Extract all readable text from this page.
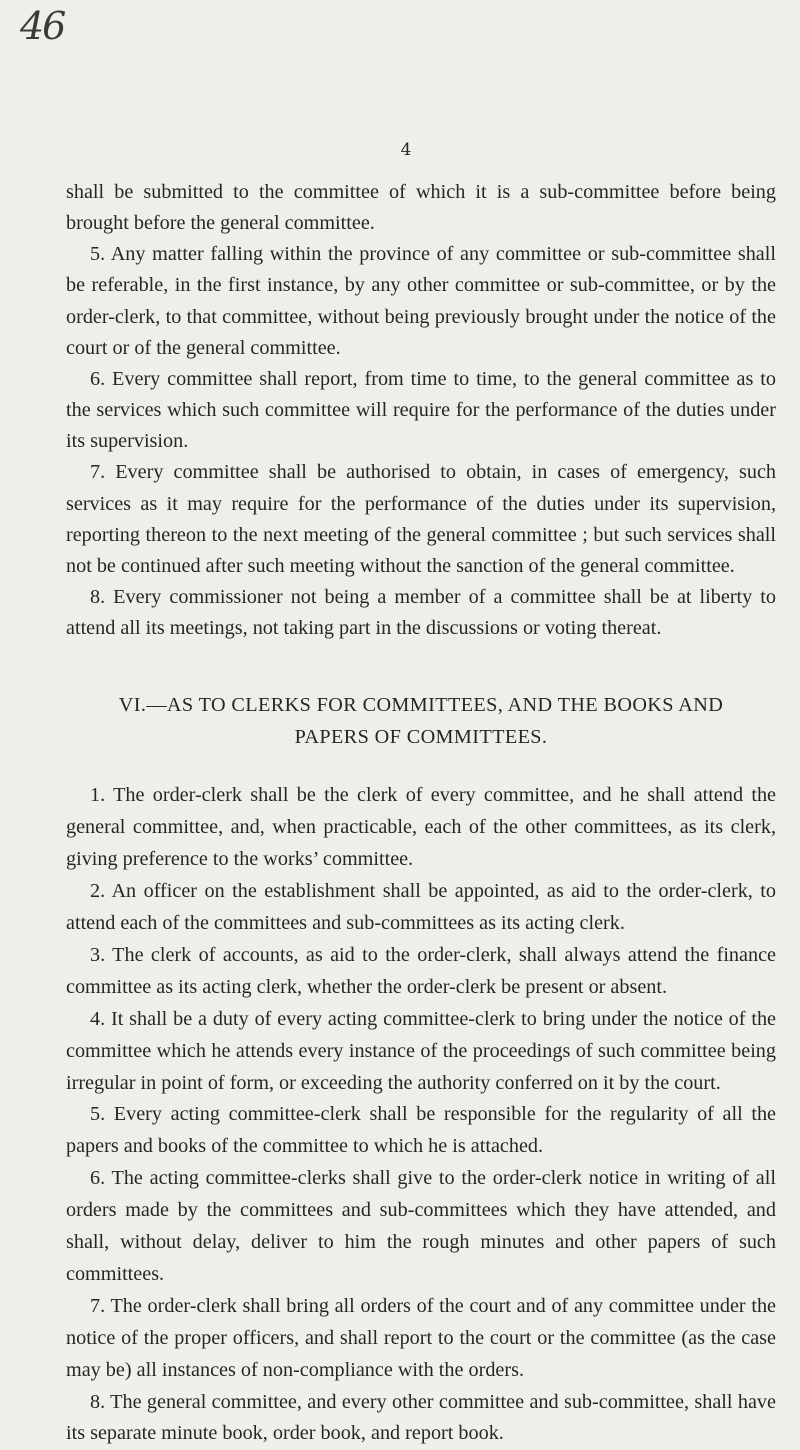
46
4

shall be submitted to the committee of which it is a sub-committee before being brought before the general committee.

5. Any matter falling within the province of any committee or sub-committee shall be referable, in the first instance, by any other committee or sub-committee, or by the order-clerk, to that committee, without being previously brought under the notice of the court or of the general committee.

6. Every committee shall report, from time to time, to the general committee as to the services which such committee will require for the performance of the duties under its supervision.

7. Every committee shall be authorised to obtain, in cases of emergency, such services as it may require for the performance of the duties under its supervision, reporting thereon to the next meeting of the general committee ; but such services shall not be continued after such meeting without the sanction of the general committee.

8. Every commissioner not being a member of a committee shall be at liberty to attend all its meetings, not taking part in the discussions or voting thereat.

VI.—AS TO CLERKS FOR COMMITTEES, AND THE BOOKS AND
PAPERS OF COMMITTEES.

1. The order-clerk shall be the clerk of every committee, and he shall attend the general committee, and, when practicable, each of the other committees, as its clerk, giving preference to the works’ committee.

2. An officer on the establishment shall be appointed, as aid to the order-clerk, to attend each of the committees and sub-committees as its acting clerk.

3. The clerk of accounts, as aid to the order-clerk, shall always attend the finance committee as its acting clerk, whether the order-clerk be present or absent.

4. It shall be a duty of every acting committee-clerk to bring under the notice of the committee which he attends every instance of the proceedings of such committee being irregular in point of form, or exceeding the authority conferred on it by the court.

5. Every acting committee-clerk shall be responsible for the regularity of all the papers and books of the committee to which he is attached.

6. The acting committee-clerks shall give to the order-clerk notice in writing of all orders made by the committees and sub-committees which they have attended, and shall, without delay, deliver to him the rough minutes and other papers of such committees.

7. The order-clerk shall bring all orders of the court and of any committee under the notice of the proper officers, and shall report to the court or the committee (as the case may be) all instances of non-compliance with the orders.

8. The general committee, and every other committee and sub-committee, shall have its separate minute book, order book, and report book.
